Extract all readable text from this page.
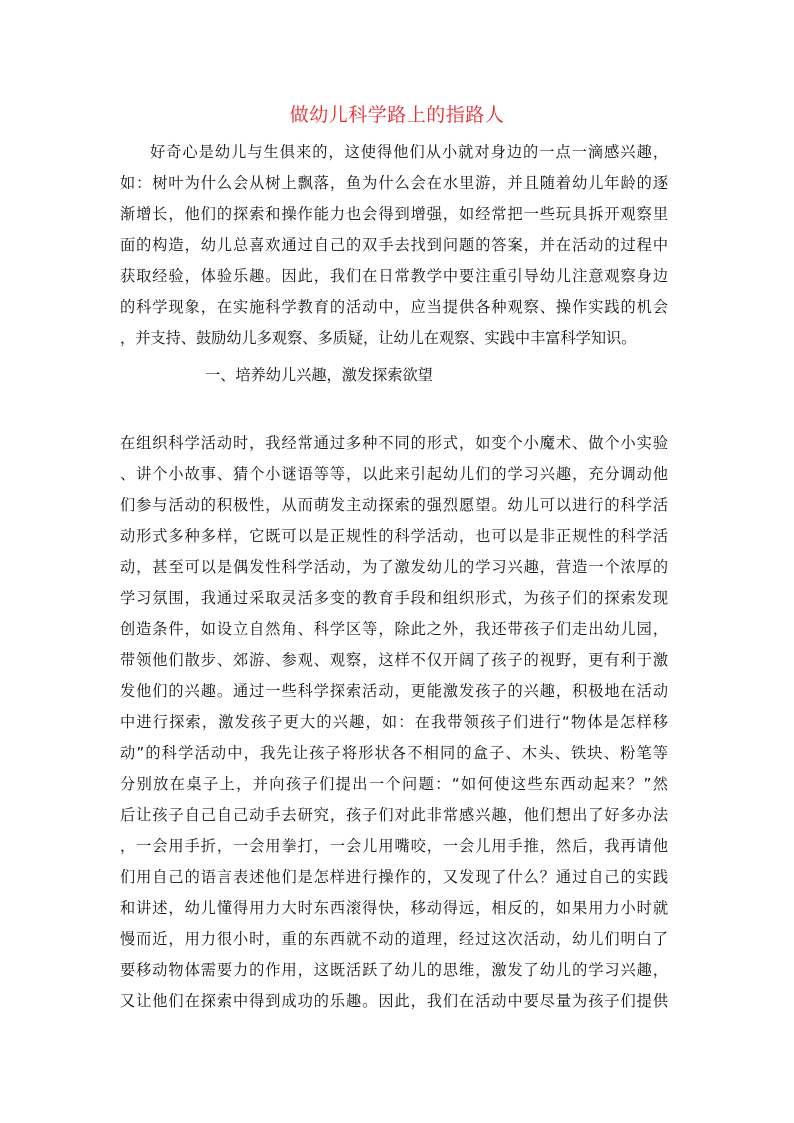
做幼儿科学路上的指路人
好奇心是幼儿与生俱来的，这使得他们从小就对身边的一点一滴感兴趣，
如：树叶为什么会从树上飘落，鱼为什么会在水里游，并且随着幼儿年龄的逐
渐增长，他们的探索和操作能力也会得到增强，如经常把一些玩具拆开观察里
面的构造，幼儿总喜欢通过自己的双手去找到问题的答案，并在活动的过程中
获取经验，体验乐趣。因此，我们在日常教学中要注重引导幼儿注意观察身边
的科学现象，在实施科学教育的活动中，应当提供各种观察、操作实践的机会
，并支持、鼓励幼儿多观察、多质疑，让幼儿在观察、实践中丰富科学知识。
一、培养幼儿兴趣，激发探索欲望
在组织科学活动时，我经常通过多种不同的形式，如变个小魔术、做个小实验
、讲个小故事、猜个小谜语等等，以此来引起幼儿们的学习兴趣，充分调动他
们参与活动的积极性，从而萌发主动探索的强烈愿望。幼儿可以进行的科学活
动形式多种多样，它既可以是正规性的科学活动，也可以是非正规性的科学活
动，甚至可以是偶发性科学活动，为了激发幼儿的学习兴趣，营造一个浓厚的
学习氛围，我通过采取灵活多变的教育手段和组织形式，为孩子们的探索发现
创造条件，如设立自然角、科学区等，除此之外，我还带孩子们走出幼儿园，
带领他们散步、郊游、参观、观察，这样不仅开阔了孩子的视野，更有利于激
发他们的兴趣。通过一些科学探索活动，更能激发孩子的兴趣，积极地在活动
中进行探索，激发孩子更大的兴趣，如：在我带领孩子们进行“物体是怎样移
动”的科学活动中，我先让孩子将形状各不相同的盒子、木头、铁块、粉笔等
分别放在桌子上，并向孩子们提出一个问题：“如何使这些东西动起来？”然
后让孩子自己自己动手去研究，孩子们对此非常感兴趣，他们想出了好多办法
，一会用手折，一会用拳打，一会儿用嘴咬，一会儿用手推，然后，我再请他
们用自己的语言表述他们是怎样进行操作的，又发现了什么？通过自己的实践
和讲述，幼儿懂得用力大时东西滚得快，移动得远，相反的，如果用力小时就
慢而近，用力很小时，重的东西就不动的道理，经过这次活动，幼儿们明白了
要移动物体需要力的作用，这既活跃了幼儿的思维，激发了幼儿的学习兴趣，
又让他们在探索中得到成功的乐趣。因此，我们在活动中要尽量为孩子们提供
